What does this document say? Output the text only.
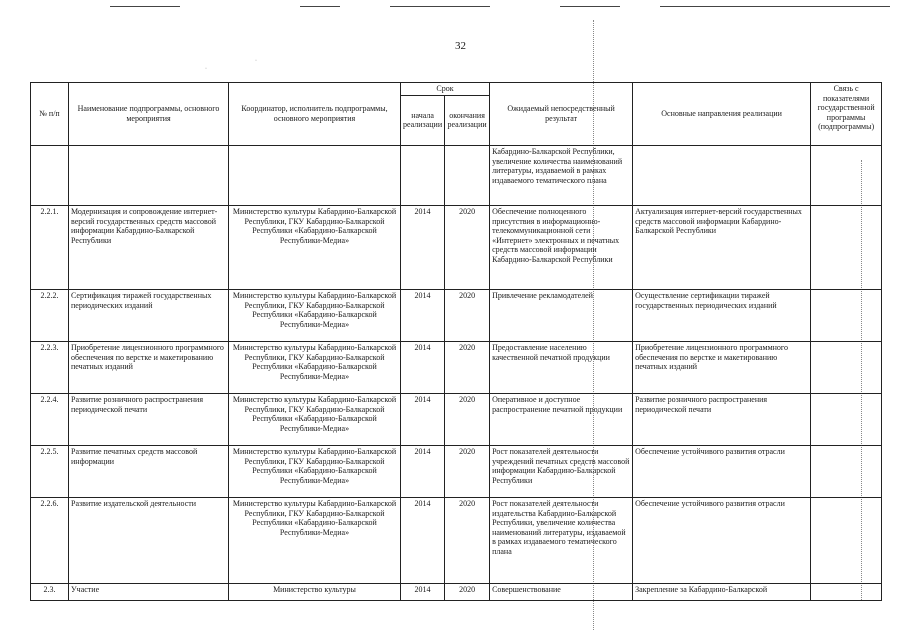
·
·
32
№ п/п	Наименование подпрограммы, основного мероприятия	Координатор, исполнитель подпрограммы, основного мероприятия	Срок		Ожидаемый непосредственный результат	Основные направления реализации	Связь с показателями государственной программы (подпрограммы)
			начала реализации	окончания реализации			
					Кабардино-Балкарской Республики, увеличение количества наименований литературы, издаваемой в рамках издаваемого тематического плана		
2.2.1.	Модернизация и сопровождение интернет-версий государственных средств массовой информации Кабардино-Балкарской Республики	Министерство культуры Кабардино-Балкарской Республики, ГКУ Кабардино-Балкарской Республики «Кабардино-Балкарской Республики-Медиа»	2014	2020	Обеспечение полноценного присутствия в информационно-телекоммуникационной сети «Интернет» электронных и печатных средств массовой информации Кабардино-Балкарской Республики	Актуализация интернет-версий государственных средств массовой информации Кабардино-Балкарской Республики	
2.2.2.	Сертификация тиражей государственных периодических изданий	Министерство культуры Кабардино-Балкарской Республики, ГКУ Кабардино-Балкарской Республики «Кабардино-Балкарской Республики-Медиа»	2014	2020	Привлечение рекламодателей	Осуществление сертификации тиражей государственных периодических изданий	
2.2.3.	Приобретение лицензионного программного обеспечения по верстке и макетированию печатных изданий	Министерство культуры Кабардино-Балкарской Республики, ГКУ Кабардино-Балкарской Республики «Кабардино-Балкарской Республики-Медиа»	2014	2020	Предоставление населению качественной печатной продукции	Приобретение лицензионного программного обеспечения по верстке и макетированию печатных изданий	
2.2.4.	Развитие розничного распространения периодической печати	Министерство культуры Кабардино-Балкарской Республики, ГКУ Кабардино-Балкарской Республики «Кабардино-Балкарской Республики-Медиа»	2014	2020	Оперативное и доступное распространение печатной продукции	Развитие розничного распространения периодической печати	
2.2.5.	Развитие печатных средств массовой информации	Министерство культуры Кабардино-Балкарской Республики, ГКУ Кабардино-Балкарской Республики «Кабардино-Балкарской Республики-Медиа»	2014	2020	Рост показателей деятельности учреждений печатных средств массовой информации Кабардино-Балкарской Республики	Обеспечение устойчивого развития отрасли	
2.2.6.	Развитие издательской деятельности	Министерство культуры Кабардино-Балкарской Республики, ГКУ Кабардино-Балкарской Республики «Кабардино-Балкарской Республики-Медиа»	2014	2020	Рост показателей деятельности издательства Кабардино-Балкарской Республики, увеличение количества наименований литературы, издаваемой в рамках издаваемого тематического плана	Обеспечение устойчивого развития отрасли	

2.3.	Участие	Министерство культуры	2014	2020	Совершенствование	Закрепление за Кабардино-Балкарской	
